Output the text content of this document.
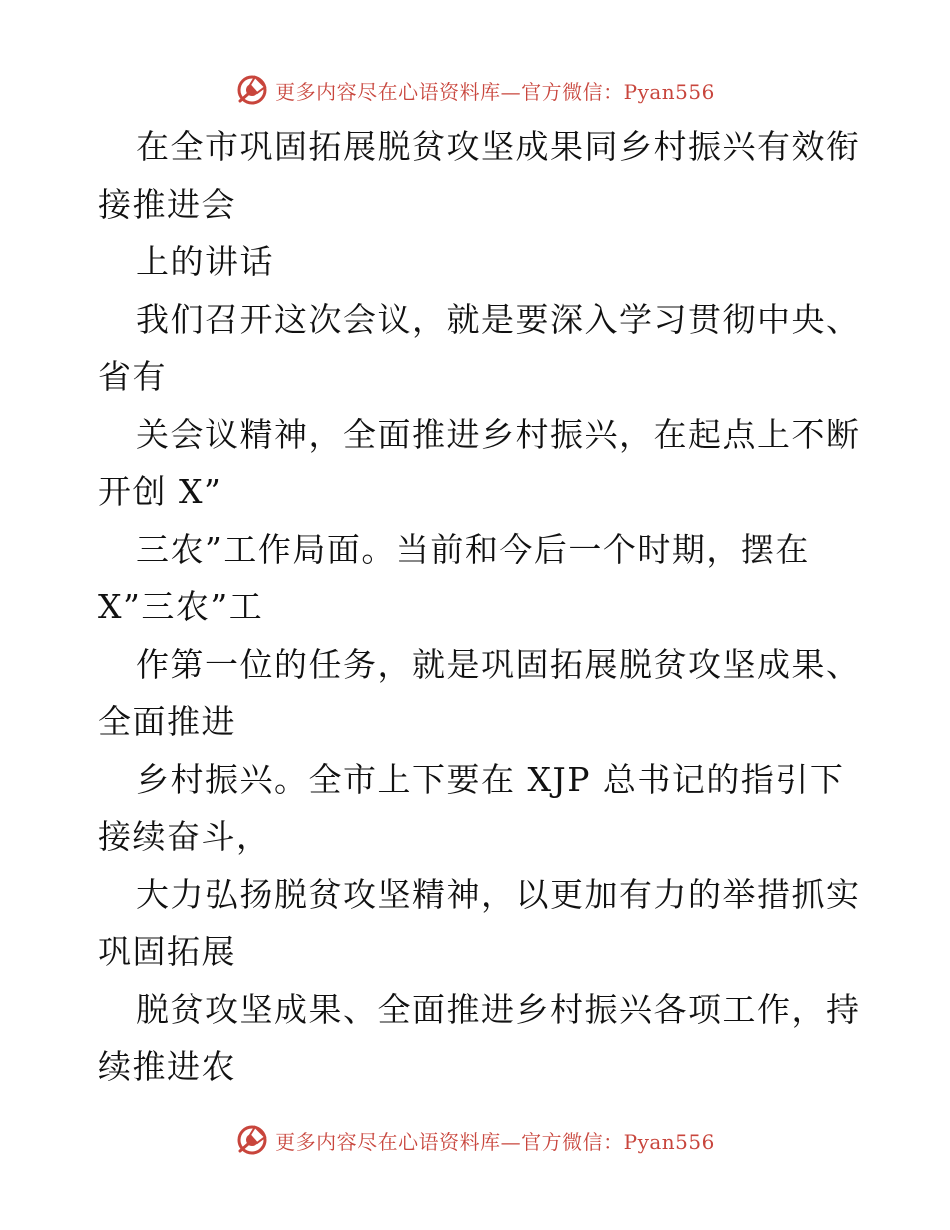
更多内容尽在心语资料库—官方微信：Pyan556
在全市巩固拓展脱贫攻坚成果同乡村振兴有效衔
接推进会
上的讲话
我们召开这次会议，就是要深入学习贯彻中央、
省有
关会议精神，全面推进乡村振兴，在起点上不断
开创 X”
三农”工作局面。当前和今后一个时期，摆在
X”三农”工
作第一位的任务，就是巩固拓展脱贫攻坚成果、
全面推进
乡村振兴。全市上下要在 XJP 总书记的指引下
接续奋斗，
大力弘扬脱贫攻坚精神，以更加有力的举措抓实
巩固拓展
脱贫攻坚成果、全面推进乡村振兴各项工作，持
续推进农
更多内容尽在心语资料库—官方微信：Pyan556
